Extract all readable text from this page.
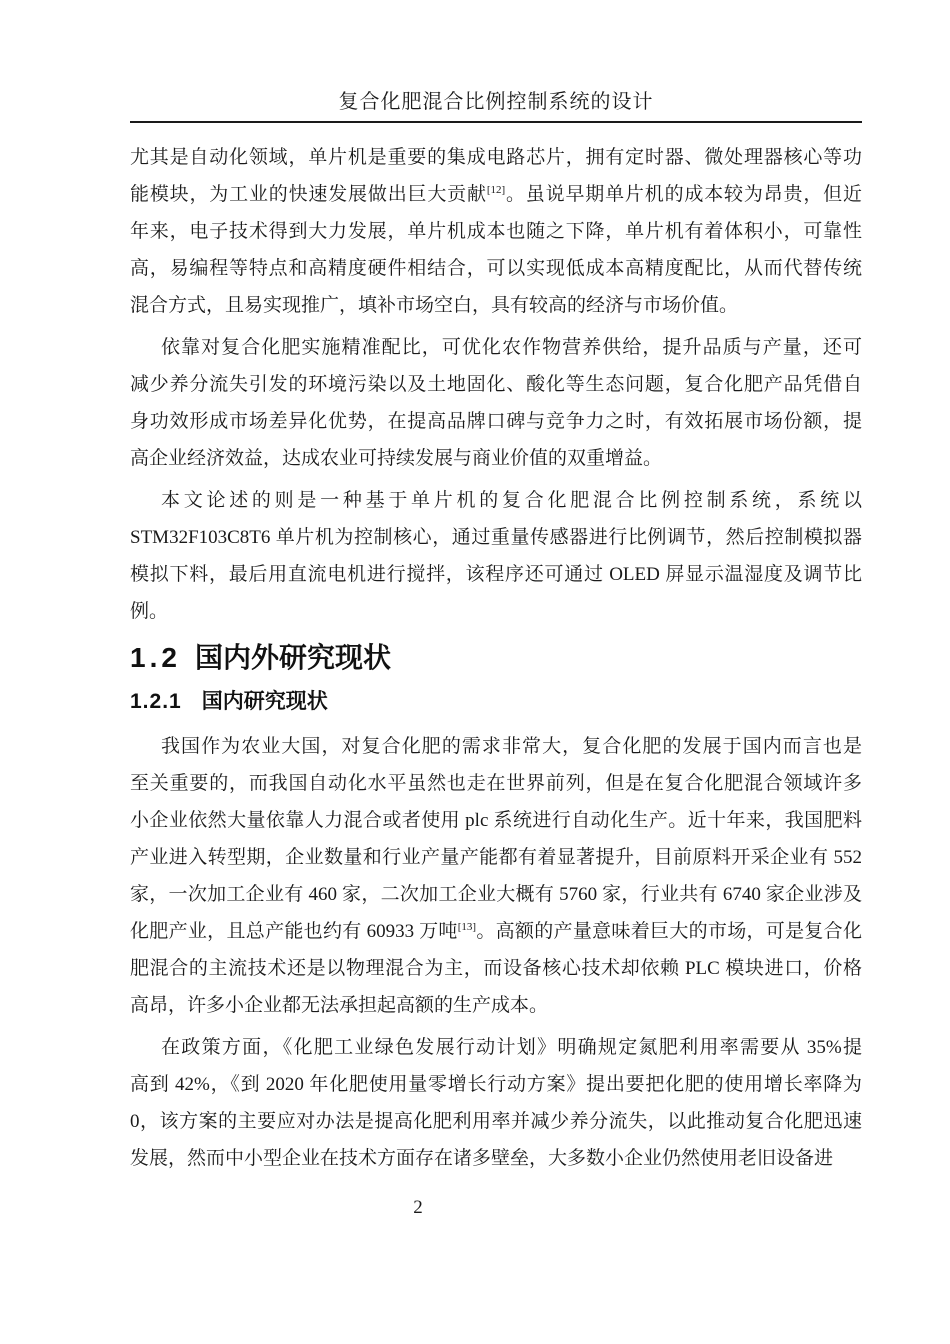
复合化肥混合比例控制系统的设计
尤其是自动化领域，单片机是重要的集成电路芯片，拥有定时器、微处理器核心等功
能模块，为工业的快速发展做出巨大贡献[12]。虽说早期单片机的成本较为昂贵，但近
年来，电子技术得到大力发展，单片机成本也随之下降，单片机有着体积小，可靠性
高，易编程等特点和高精度硬件相结合，可以实现低成本高精度配比，从而代替传统
混合方式，且易实现推广，填补市场空白，具有较高的经济与市场价值。
依靠对复合化肥实施精准配比，可优化农作物营养供给，提升品质与产量，还可
减少养分流失引发的环境污染以及土地固化、酸化等生态问题，复合化肥产品凭借自
身功效形成市场差异化优势，在提高品牌口碑与竞争力之时，有效拓展市场份额，提
高企业经济效益，达成农业可持续发展与商业价值的双重增益。
本文论述的则是一种基于单片机的复合化肥混合比例控制系统，系统以
STM32F103C8T6 单片机为控制核心，通过重量传感器进行比例调节，然后控制模拟器
模拟下料，最后用直流电机进行搅拌，该程序还可通过 OLED 屏显示温湿度及调节比
例。
1.2 国内外研究现状
1.2.1 国内研究现状
我国作为农业大国，对复合化肥的需求非常大，复合化肥的发展于国内而言也是
至关重要的，而我国自动化水平虽然也走在世界前列，但是在复合化肥混合领域许多
小企业依然大量依靠人力混合或者使用 plc 系统进行自动化生产。近十年来，我国肥料
产业进入转型期，企业数量和行业产量产能都有着显著提升，目前原料开采企业有 552
家，一次加工企业有 460 家，二次加工企业大概有 5760 家，行业共有 6740 家企业涉及
化肥产业，且总产能也约有 60933 万吨[13]。高额的产量意味着巨大的市场，可是复合化
肥混合的主流技术还是以物理混合为主，而设备核心技术却依赖 PLC 模块进口，价格
高昂，许多小企业都无法承担起高额的生产成本。
在政策方面，《化肥工业绿色发展行动计划》明确规定氮肥利用率需要从 35%提
高到 42%，《到 2020 年化肥使用量零增长行动方案》提出要把化肥的使用增长率降为
0，该方案的主要应对办法是提高化肥利用率并减少养分流失，以此推动复合化肥迅速
发展，然而中小型企业在技术方面存在诸多壁垒，大多数小企业仍然使用老旧设备进
2
